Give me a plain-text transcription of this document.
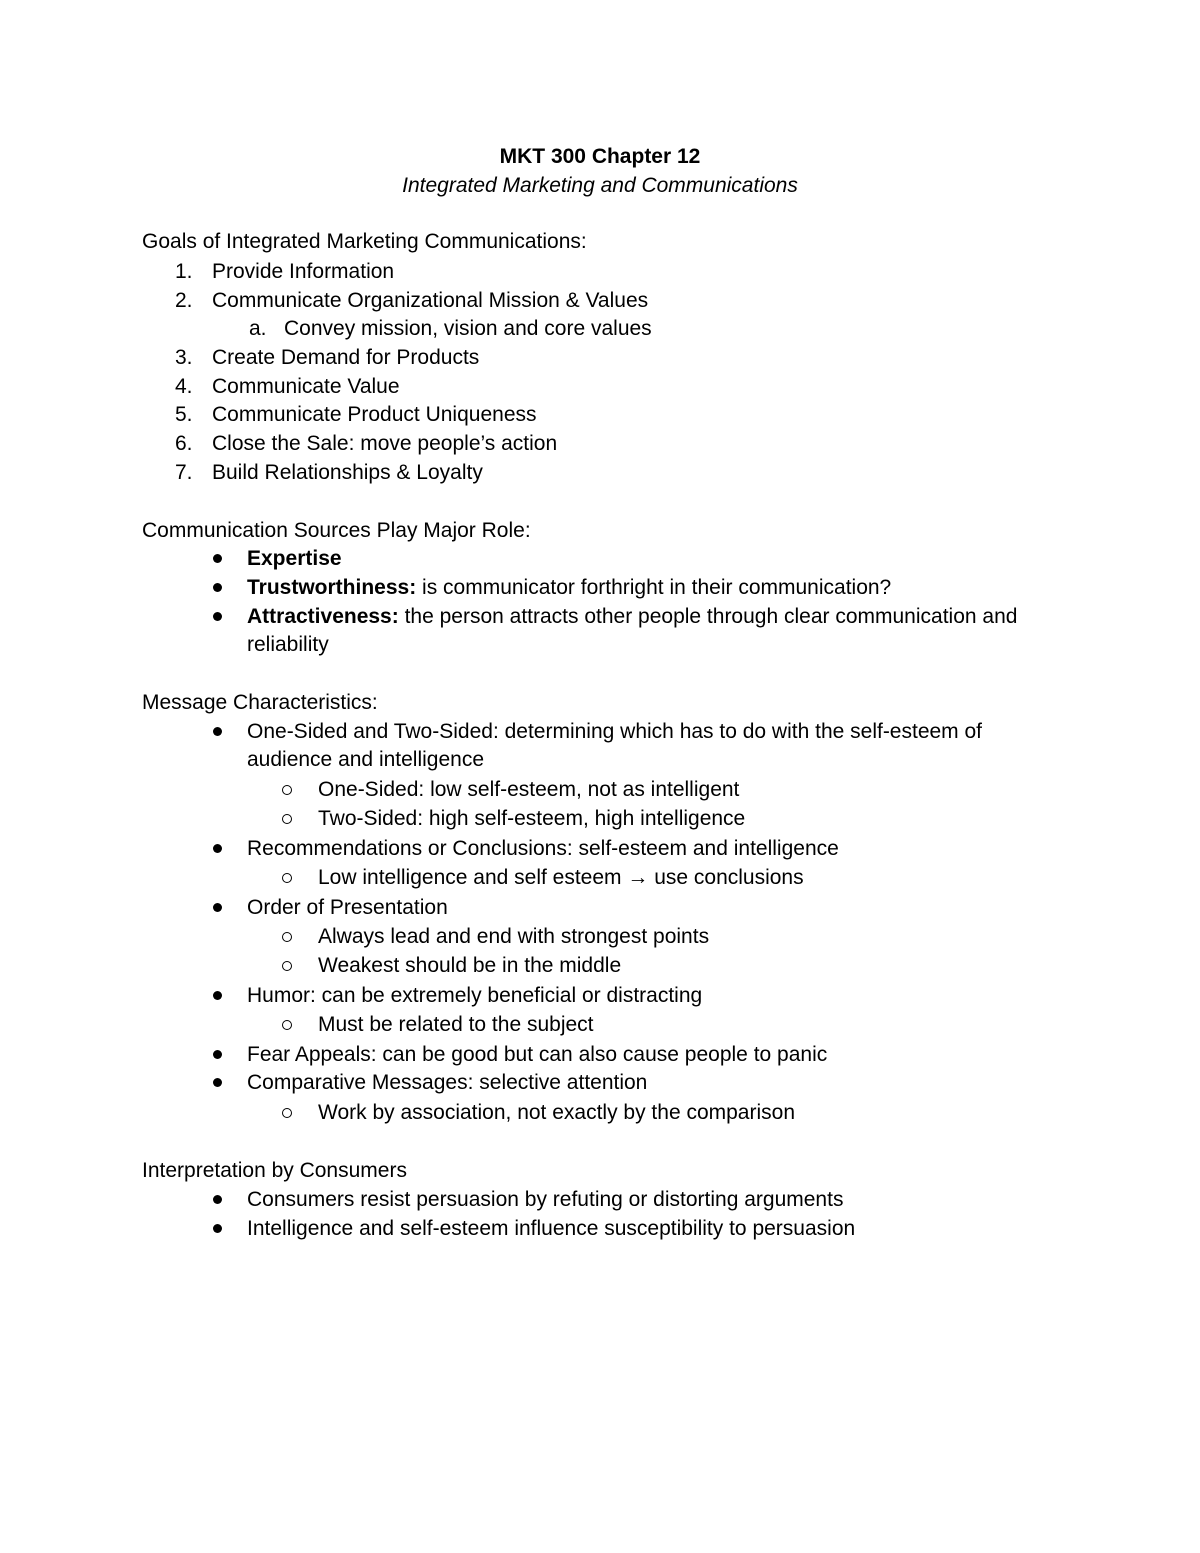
MKT 300 Chapter 12
Integrated Marketing and Communications
Goals of Integrated Marketing Communications:
1. Provide Information
2. Communicate Organizational Mission & Values
a. Convey mission, vision and core values
3. Create Demand for Products
4. Communicate Value
5. Communicate Product Uniqueness
6. Close the Sale: move people’s action
7. Build Relationships & Loyalty
Communication Sources Play Major Role:
Expertise
Trustworthiness: is communicator forthright in their communication?
Attractiveness: the person attracts other people through clear communication and reliability
Message Characteristics:
One-Sided and Two-Sided: determining which has to do with the self-esteem of audience and intelligence
One-Sided: low self-esteem, not as intelligent
Two-Sided: high self-esteem, high intelligence
Recommendations or Conclusions: self-esteem and intelligence
Low intelligence and self esteem → use conclusions
Order of Presentation
Always lead and end with strongest points
Weakest should be in the middle
Humor: can be extremely beneficial or distracting
Must be related to the subject
Fear Appeals: can be good but can also cause people to panic
Comparative Messages: selective attention
Work by association, not exactly by the comparison
Interpretation by Consumers
Consumers resist persuasion by refuting or distorting arguments
Intelligence and self-esteem influence susceptibility to persuasion
